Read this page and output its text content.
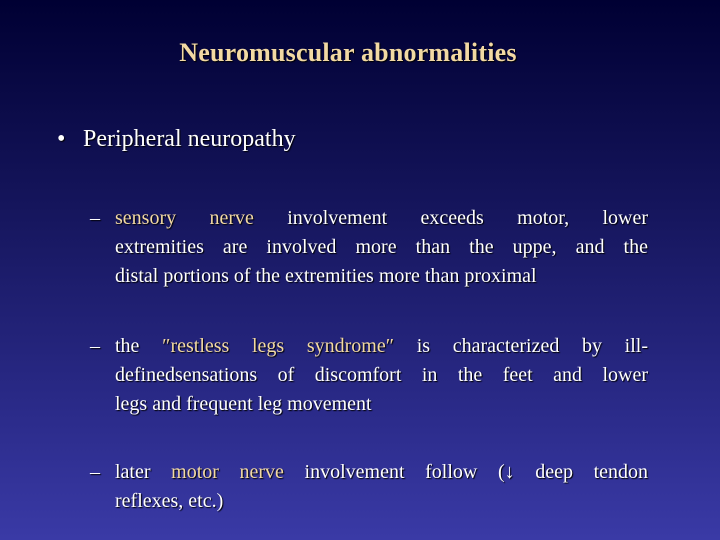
Neuromuscular abnormalities
• Peripheral neuropathy
– sensory nerve involvement exceeds motor, lower
extremities are involved more than the uppe, and the
distal portions of the extremities more than proximal
– the ″restless legs syndrome″ is characterized by ill-
definedsensations of discomfort in the feet and lower
legs and frequent leg movement
– later motor nerve involvement follow (↓ deep tendon
reflexes, etc.)
